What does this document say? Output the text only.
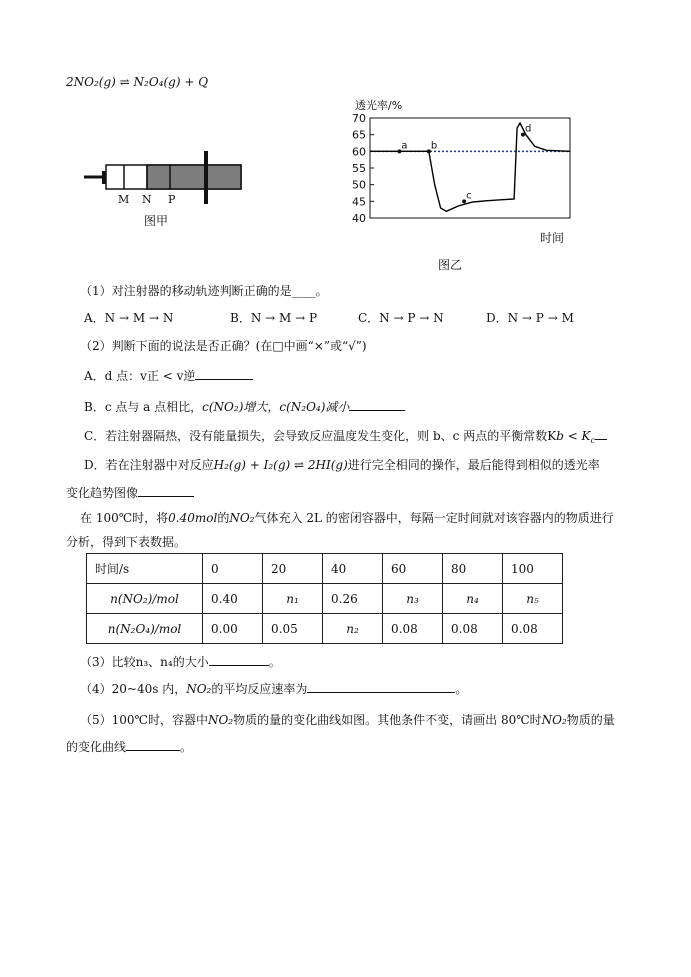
2NO₂(g) ⇌ N₂O₄(g) + Q
M N P
图甲
透光率/%
40
45
50
55
60
65
70
a b
c
d
时间
图乙
（1）对注射器的移动轨迹判断正确的是____。
A．N → M → N	B．N → M → P	C．N → P → N	D．N → P → M
（2）判断下面的说法是否正确？(在□中画“×”或“√”)
A．d 点：v正 < v逆
B．c 点与 a 点相比，c(NO₂)增大，c(N₂O₄)减小
C．若注射器隔热，没有能量损失，会导致反应温度发生变化，则 b、c 两点的平衡常数$Kb < K_c$
D．若在注射器中对反应H₂(g) + I₂(g) ⇌ 2HI(g)进行完全相同的操作，最后能得到相似的透光率
变化趋势图像
在 100℃时，将0.40mol的NO₂气体充入 2L 的密闭容器中，每隔一定时间就对该容器内的物质进行
分析，得到下表数据。
时间/s	0	20	40	60	80	100
n(NO₂)/mol	0.40	n₁	0.26	n₃	n₄	n₅
n(N₂O₄)/mol	0.00	0.05	n₂	0.08	0.08	0.08
（3）比较n₃、n₄的大小	。
（4）20~40s 内，NO₂的平均反应速率为	。
（5）100℃时，容器中NO₂物质的量的变化曲线如图。其他条件不变，请画出 80℃时NO₂物质的量
的变化曲线	。
